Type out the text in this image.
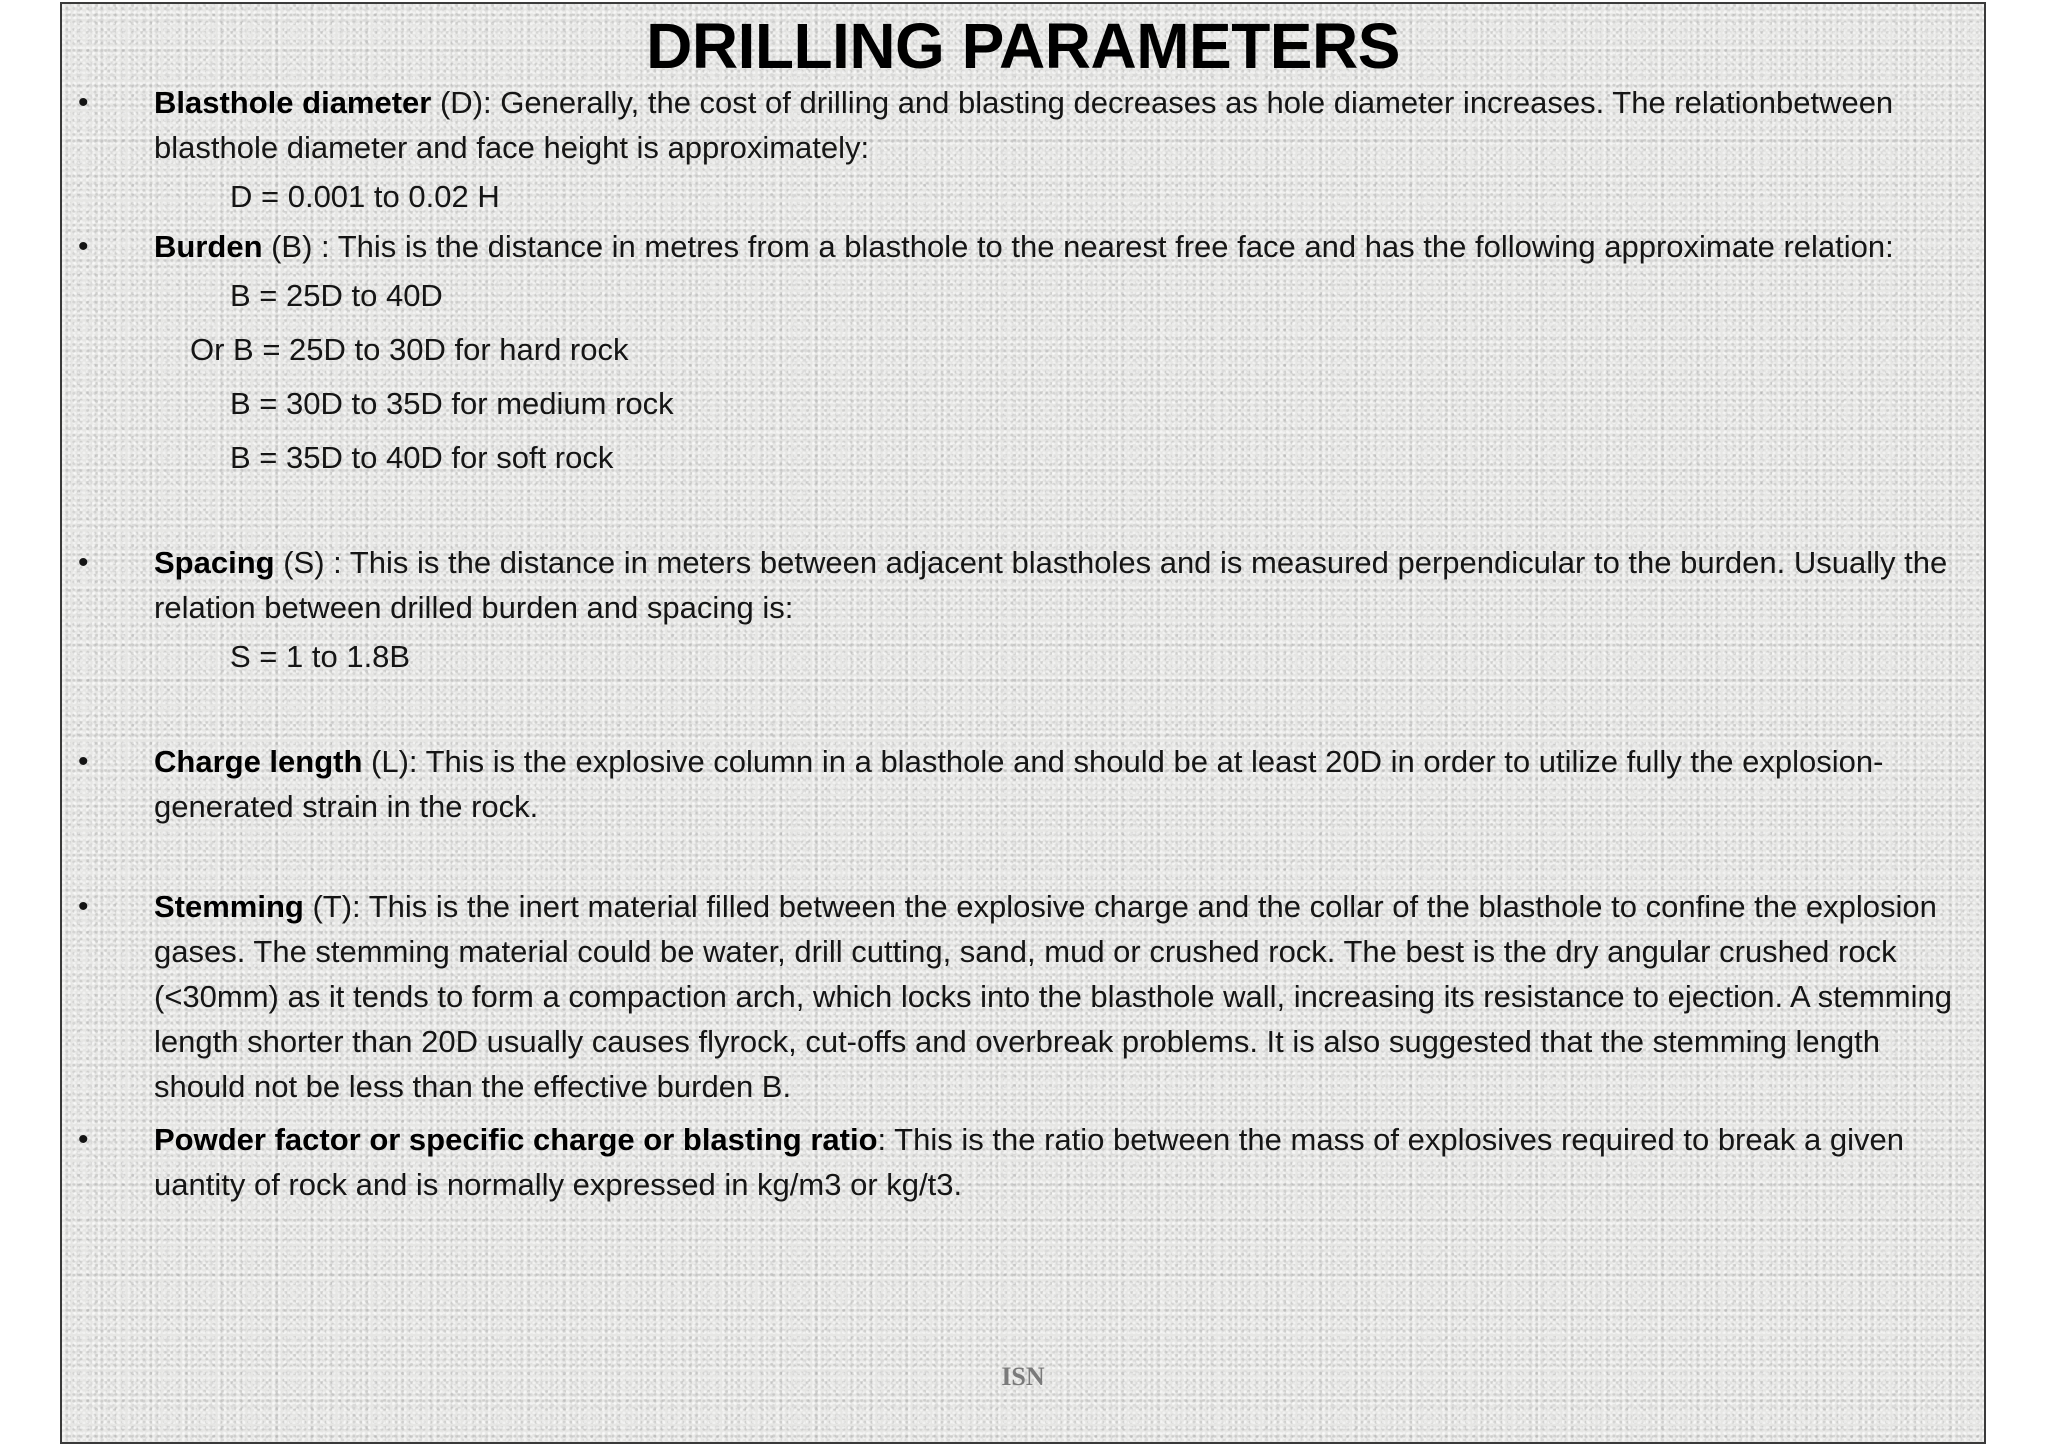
DRILLING PARAMETERS
• Blasthole diameter (D): Generally, the cost of drilling and blasting decreases as hole diameter increases. The relationbetween blasthole diameter and face height is approximately:
D = 0.001 to 0.02 H
• Burden (B) : This is the distance in metres from a blasthole to the nearest free face and has the following approximate relation:
B = 25D to 40D
Or B = 25D to 30D for hard rock
B = 30D to 35D for medium rock
B = 35D to 40D for soft rock
• Spacing (S) : This is the distance in meters between adjacent blastholes and is measured perpendicular to the burden. Usually the relation between drilled burden and spacing is:
S = 1 to 1.8B
• Charge length (L): This is the explosive column in a blasthole and should be at least 20D in order to utilize fully the explosion-generated strain in the rock.
• Stemming (T): This is the inert material filled between the explosive charge and the collar of the blasthole to confine the explosion gases. The stemming material could be water, drill cutting, sand, mud or crushed rock. The best is the dry angular crushed rock (<30mm) as it tends to form a compaction arch, which locks into the blasthole wall, increasing its resistance to ejection. A stemming length shorter than 20D usually causes flyrock, cut-offs and overbreak problems. It is also suggested that the stemming length should not be less than the effective burden B.
• Powder factor or specific charge or blasting ratio: This is the ratio between the mass of explosives required to break a given uantity of rock and is normally expressed in kg/m3 or kg/t3.
ISN
